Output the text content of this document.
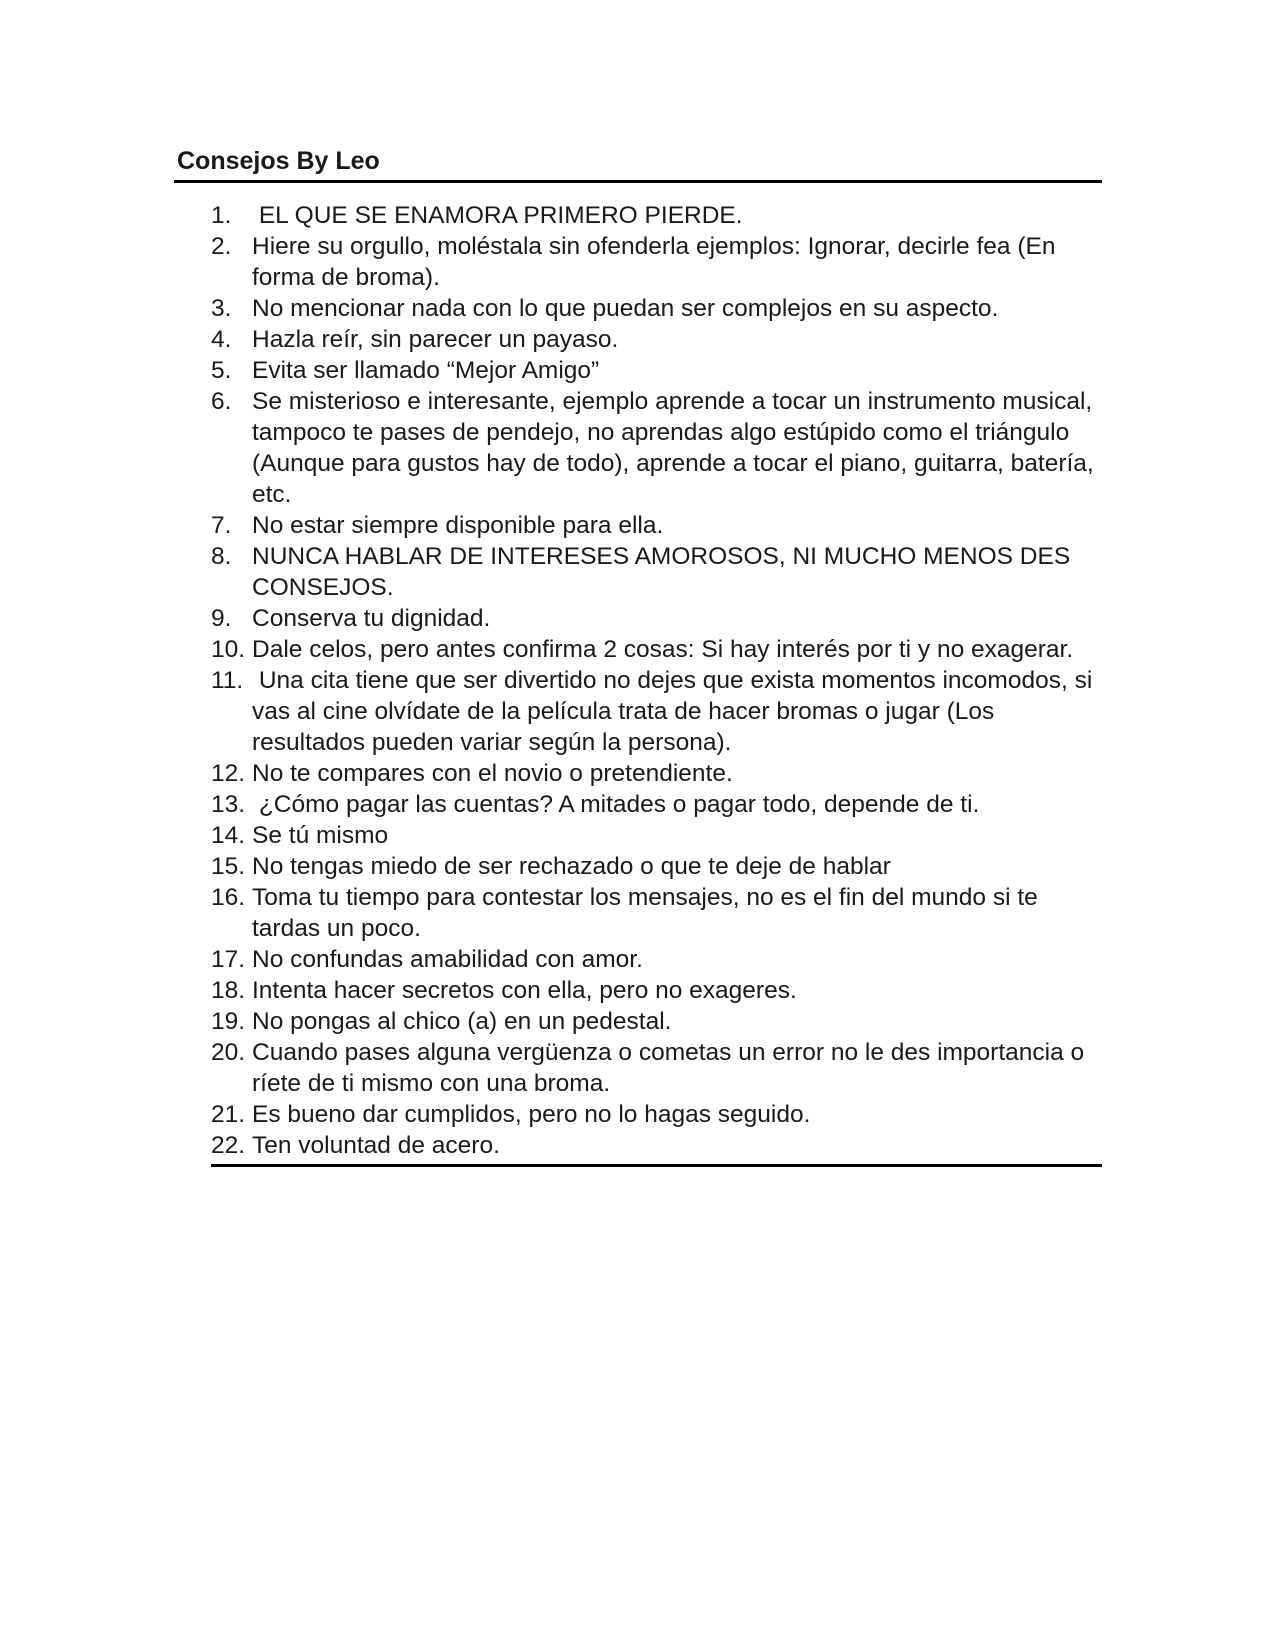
Consejos By Leo
1. EL QUE SE ENAMORA PRIMERO PIERDE.
2. Hiere su orgullo, moléstala sin ofenderla ejemplos: Ignorar, decirle fea (En forma de broma).
3. No mencionar nada con lo que puedan ser complejos en su aspecto.
4. Hazla reír, sin parecer un payaso.
5. Evita ser llamado “Mejor Amigo”
6. Se misterioso e interesante, ejemplo aprende a tocar un instrumento musical, tampoco te pases de pendejo, no aprendas algo estúpido como el triángulo (Aunque para gustos hay de todo), aprende a tocar el piano, guitarra, batería, etc.
7. No estar siempre disponible para ella.
8. NUNCA HABLAR DE INTERESES AMOROSOS, NI MUCHO MENOS DES CONSEJOS.
9. Conserva tu dignidad.
10. Dale celos, pero antes confirma 2 cosas: Si hay interés por ti y no exagerar.
11. Una cita tiene que ser divertido no dejes que exista momentos incomodos, si vas al cine olvídate de la película trata de hacer bromas o jugar (Los resultados pueden variar según la persona).
12. No te compares con el novio o pretendiente.
13. ¿Cómo pagar las cuentas? A mitades o pagar todo, depende de ti.
14. Se tú mismo
15. No tengas miedo de ser rechazado o que te deje de hablar
16. Toma tu tiempo para contestar los mensajes, no es el fin del mundo si te tardas un poco.
17. No confundas amabilidad con amor.
18. Intenta hacer secretos con ella, pero no exageres.
19. No pongas al chico (a) en un pedestal.
20. Cuando pases alguna vergüenza o cometas un error no le des importancia o ríete de ti mismo con una broma.
21. Es bueno dar cumplidos, pero no lo hagas seguido.
22. Ten voluntad de acero.
